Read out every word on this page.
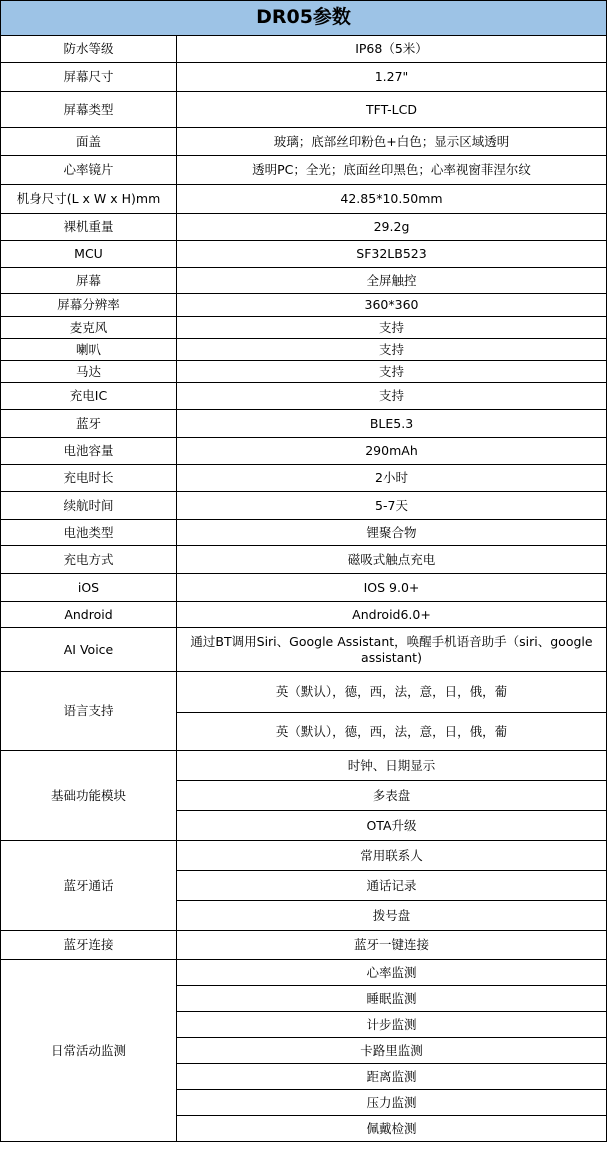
DR05参数	
防水等级	IP68（5米）
屏幕尺寸	1.27"
屏幕类型	TFT-LCD
面盖	玻璃；底部丝印粉色+白色；显示区域透明
心率镜片	透明PC；全光；底面丝印黑色；心率视窗菲涅尔纹
机身尺寸(L x W x H)mm	42.85*10.50mm
裸机重量	29.2g
MCU	SF32LB523
屏幕	全屏触控
屏幕分辨率	360*360
麦克风	支持
喇叭	支持
马达	支持
充电IC	支持
蓝牙	BLE5.3
电池容量	290mAh
充电时长	2小时
续航时间	5-7天
电池类型	锂聚合物
充电方式	磁吸式触点充电
iOS	IOS 9.0+
Android	Android6.0+
AI Voice	通过BT调用Siri、Google Assistant，唤醒手机语音助手（siri、google assistant)
语言支持	英（默认），德，西，法，意，日，俄，葡
	英（默认），德，西，法，意，日，俄，葡
基础功能模块	时钟、日期显示
	多表盘
	OTA升级
蓝牙通话	常用联系人
	通话记录
	拨号盘
蓝牙连接	蓝牙一键连接
日常活动监测	心率监测
	睡眠监测
	计步监测
	卡路里监测
	距离监测
	压力监测
	佩戴检测
